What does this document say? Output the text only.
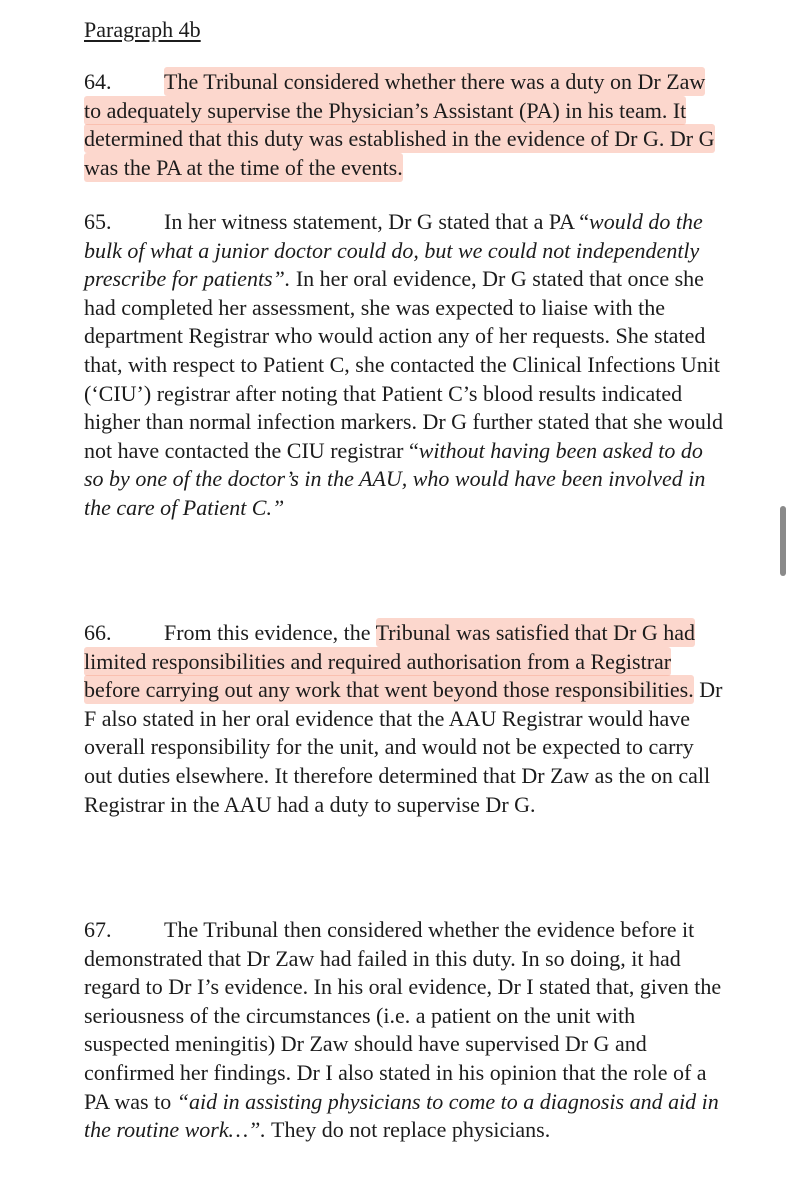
Paragraph 4b

64. The Tribunal considered whether there was a duty on Dr Zaw to adequately supervise the Physician’s Assistant (PA) in his team. It determined that this duty was established in the evidence of Dr G. Dr G was the PA at the time of the events.

65. In her witness statement, Dr G stated that a PA “would do the bulk of what a junior doctor could do, but we could not independently prescribe for patients”. In her oral evidence, Dr G stated that once she had completed her assessment, she was expected to liaise with the department Registrar who would action any of her requests. She stated that, with respect to Patient C, she contacted the Clinical Infections Unit (‘CIU’) registrar after noting that Patient C’s blood results indicated higher than normal infection markers. Dr G further stated that she would not have contacted the CIU registrar “without having been asked to do so by one of the doctor’s in the AAU, who would have been involved in the care of Patient C.”

66. From this evidence, the Tribunal was satisfied that Dr G had limited responsibilities and required authorisation from a Registrar before carrying out any work that went beyond those responsibilities. Dr F also stated in her oral evidence that the AAU Registrar would have overall responsibility for the unit, and would not be expected to carry out duties elsewhere. It therefore determined that Dr Zaw as the on call Registrar in the AAU had a duty to supervise Dr G.

67. The Tribunal then considered whether the evidence before it demonstrated that Dr Zaw had failed in this duty. In so doing, it had regard to Dr I’s evidence. In his oral evidence, Dr I stated that, given the seriousness of the circumstances (i.e. a patient on the unit with suspected meningitis) Dr Zaw should have supervised Dr G and confirmed her findings. Dr I also stated in his opinion that the role of a PA was to “aid in assisting physicians to come to a diagnosis and aid in the routine work…”. They do not replace physicians.
